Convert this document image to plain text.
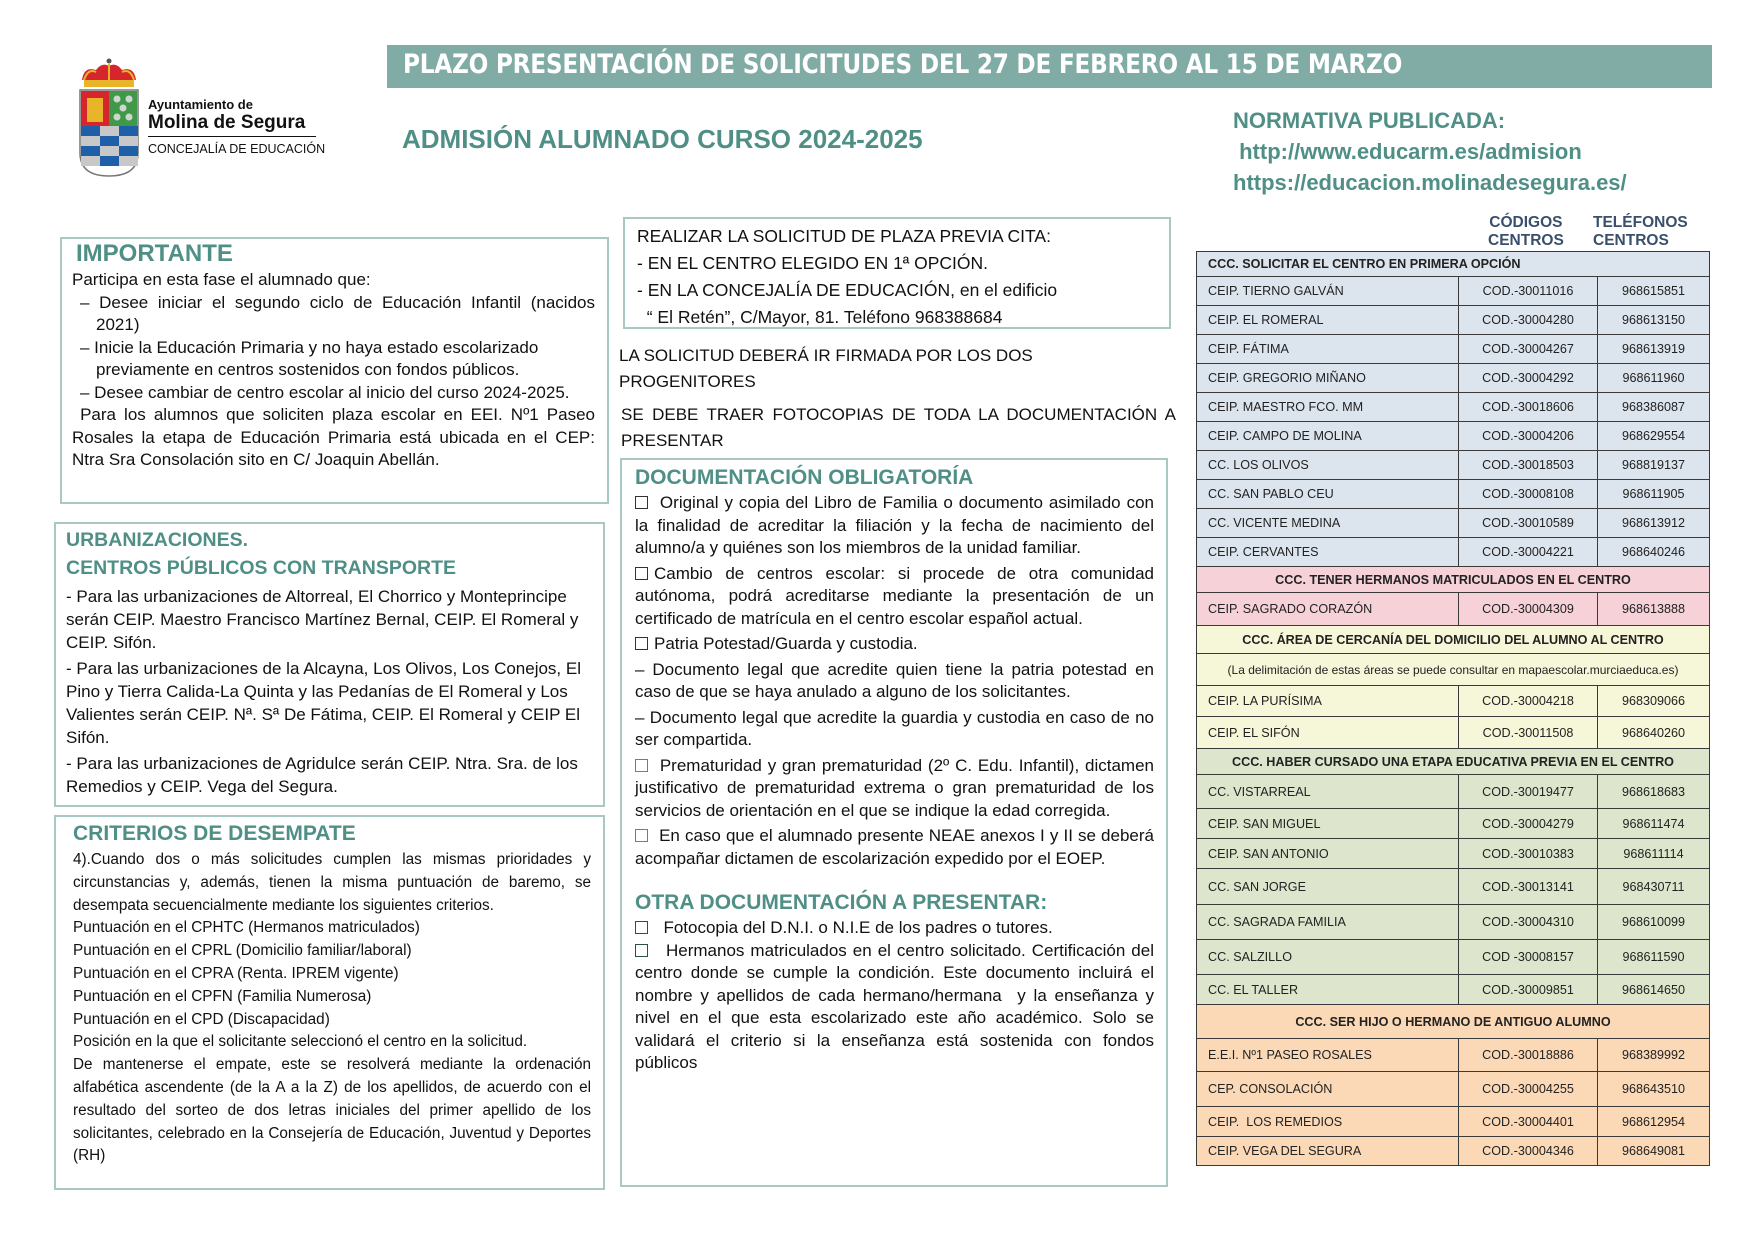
Ayuntamiento de
Molina de Segura
CONCEJALÍA DE EDUCACIÓN
PLAZO PRESENTACIÓN DE SOLICITUDES DEL 27 DE FEBRERO AL 15 DE MARZO
ADMISIÓN ALUMNADO CURSO 2024-2025
NORMATIVA PUBLICADA:
http://www.educarm.es/admision
https://educacion.molinadesegura.es/
IMPORTANTE
Participa en esta fase el alumnado que:
– Desee iniciar el segundo ciclo de Educación Infantil (nacidos 2021)
– Inicie la Educación Primaria y no haya estado escolarizado previamente en centros sostenidos con fondos públicos.
– Desee cambiar de centro escolar al inicio del curso 2024-2025.
Para los alumnos que soliciten plaza escolar en EEI. Nº1 Paseo Rosales la etapa de Educación Primaria está ubicada en el CEP: Ntra Sra Consolación sito en C/ Joaquin Abellán.
URBANIZACIONES.
CENTROS PÚBLICOS CON TRANSPORTE
- Para las urbanizaciones de Altorreal, El Chorrico y Monteprincipe serán CEIP. Maestro Francisco Martínez Bernal, CEIP. El Romeral y CEIP. Sifón.
- Para las urbanizaciones de la Alcayna, Los Olivos, Los Conejos, El Pino y Tierra Calida-La Quinta y las Pedanías de El Romeral y Los Valientes serán CEIP. Nª. Sª De Fátima, CEIP. El Romeral y CEIP El Sifón.
- Para las urbanizaciones de Agridulce serán CEIP. Ntra. Sra. de los Remedios y CEIP. Vega del Segura.
CRITERIOS DE DESEMPATE
4).Cuando dos o más solicitudes cumplen las mismas prioridades y circunstancias y, además, tienen la misma puntuación de baremo, se desempata secuencialmente mediante los siguientes criterios.
Puntuación en el CPHTC (Hermanos matriculados)
Puntuación en el CPRL (Domicilio familiar/laboral)
Puntuación en el CPRA (Renta. IPREM vigente)
Puntuación en el CPFN (Familia Numerosa)
Puntuación en el CPD (Discapacidad)
Posición en la que el solicitante seleccionó el centro en la solicitud.
De mantenerse el empate, este se resolverá mediante la ordenación alfabética ascendente (de la A a la Z) de los apellidos, de acuerdo con el resultado del sorteo de dos letras iniciales del primer apellido de los solicitantes, celebrado en la Consejería de Educación, Juventud y Deportes (RH)
REALIZAR LA SOLICITUD DE PLAZA PREVIA CITA:
- EN EL CENTRO ELEGIDO EN 1ª OPCIÓN.
- EN LA CONCEJALÍA DE EDUCACIÓN, en el edificio
“ El Retén”, C/Mayor, 81. Teléfono 968388684
LA SOLICITUD DEBERÁ IR FIRMADA POR LOS DOS PROGENITORES
SE DEBE TRAER FOTOCOPIAS DE TODA LA DOCUMENTACIÓN A PRESENTAR
DOCUMENTACIÓN OBLIGATORÍA
Original y copia del Libro de Familia o documento asimilado con la finalidad de acreditar la filiación y la fecha de nacimiento del alumno/a y quiénes son los miembros de la unidad familiar.
Cambio de centros escolar: si procede de otra comunidad autónoma, podrá acreditarse mediante la presentación de un certificado de matrícula en el centro escolar español actual.
Patria Potestad/Guarda y custodia.
– Documento legal que acredite quien tiene la patria potestad en caso de que se haya anulado a alguno de los solicitantes.
– Documento legal que acredite la guardia y custodia en caso de no ser compartida.
Prematuridad y gran prematuridad (2º C. Edu. Infantil), dictamen justificativo de prematuridad extrema o gran prematuridad de los servicios de orientación en el que se indique la edad corregida.
En caso que el alumnado presente NEAE anexos I y II se deberá acompañar dictamen de escolarización expedido por el EOEP.
OTRA DOCUMENTACIÓN A PRESENTAR:
Fotocopia del D.N.I. o N.I.E de los padres o tutores.
Hermanos matriculados en el centro solicitado. Certificación del centro donde se cumple la condición. Este documento incluirá el nombre y apellidos de cada hermano/hermana  y la enseñanza y nivel en el que esta escolarizado este año académico. Solo se validará el criterio si la enseñanza está sostenida con fondos públicos
CÓDIGOS
CENTROS
TELÉFONOS
CENTROS
CCC. SOLICITAR EL CENTRO EN PRIMERA OPCIÓN		
CEIP. TIERNO GALVÁN	COD.-30011016	968615851
CEIP. EL ROMERAL	COD.-30004280	968613150
CEIP. FÁTIMA	COD.-30004267	968613919
CEIP. GREGORIO MIÑANO	COD.-30004292	968611960
CEIP. MAESTRO FCO. MM	COD.-30018606	968386087
CEIP. CAMPO DE MOLINA	COD.-30004206	968629554
CC. LOS OLIVOS	COD.-30018503	968819137
CC. SAN PABLO CEU	COD.-30008108	968611905
CC. VICENTE MEDINA	COD.-30010589	968613912
CEIP. CERVANTES	COD.-30004221	968640246
CCC. TENER HERMANOS MATRICULADOS EN EL CENTRO		
CEIP. SAGRADO CORAZÓN	COD.-30004309	968613888
CCC. ÁREA DE CERCANÍA DEL DOMICILIO DEL ALUMNO AL CENTRO		
(La delimitación de estas áreas se puede consultar en mapaescolar.murciaeduca.es)		
CEIP. LA PURÍSIMA	COD.-30004218	968309066
CEIP. EL SIFÓN	COD.-30011508	968640260
CCC. HABER CURSADO UNA ETAPA EDUCATIVA PREVIA EN EL CENTRO		
CC. VISTARREAL	COD.-30019477	968618683
CEIP. SAN MIGUEL	COD.-30004279	968611474
CEIP. SAN ANTONIO	COD.-30010383	968611114
CC. SAN JORGE	COD.-30013141	968430711
CC. SAGRADA FAMILIA	COD.-30004310	968610099
CC. SALZILLO	COD -30008157	968611590
CC. EL TALLER	COD.-30009851	968614650
CCC. SER HIJO O HERMANO DE ANTIGUO ALUMNO		
E.E.I. Nº1 PASEO ROSALES	COD.-30018886	968389992
CEP. CONSOLACIÓN	COD.-30004255	968643510
CEIP.  LOS REMEDIOS	COD.-30004401	968612954
CEIP. VEGA DEL SEGURA	COD.-30004346	968649081
